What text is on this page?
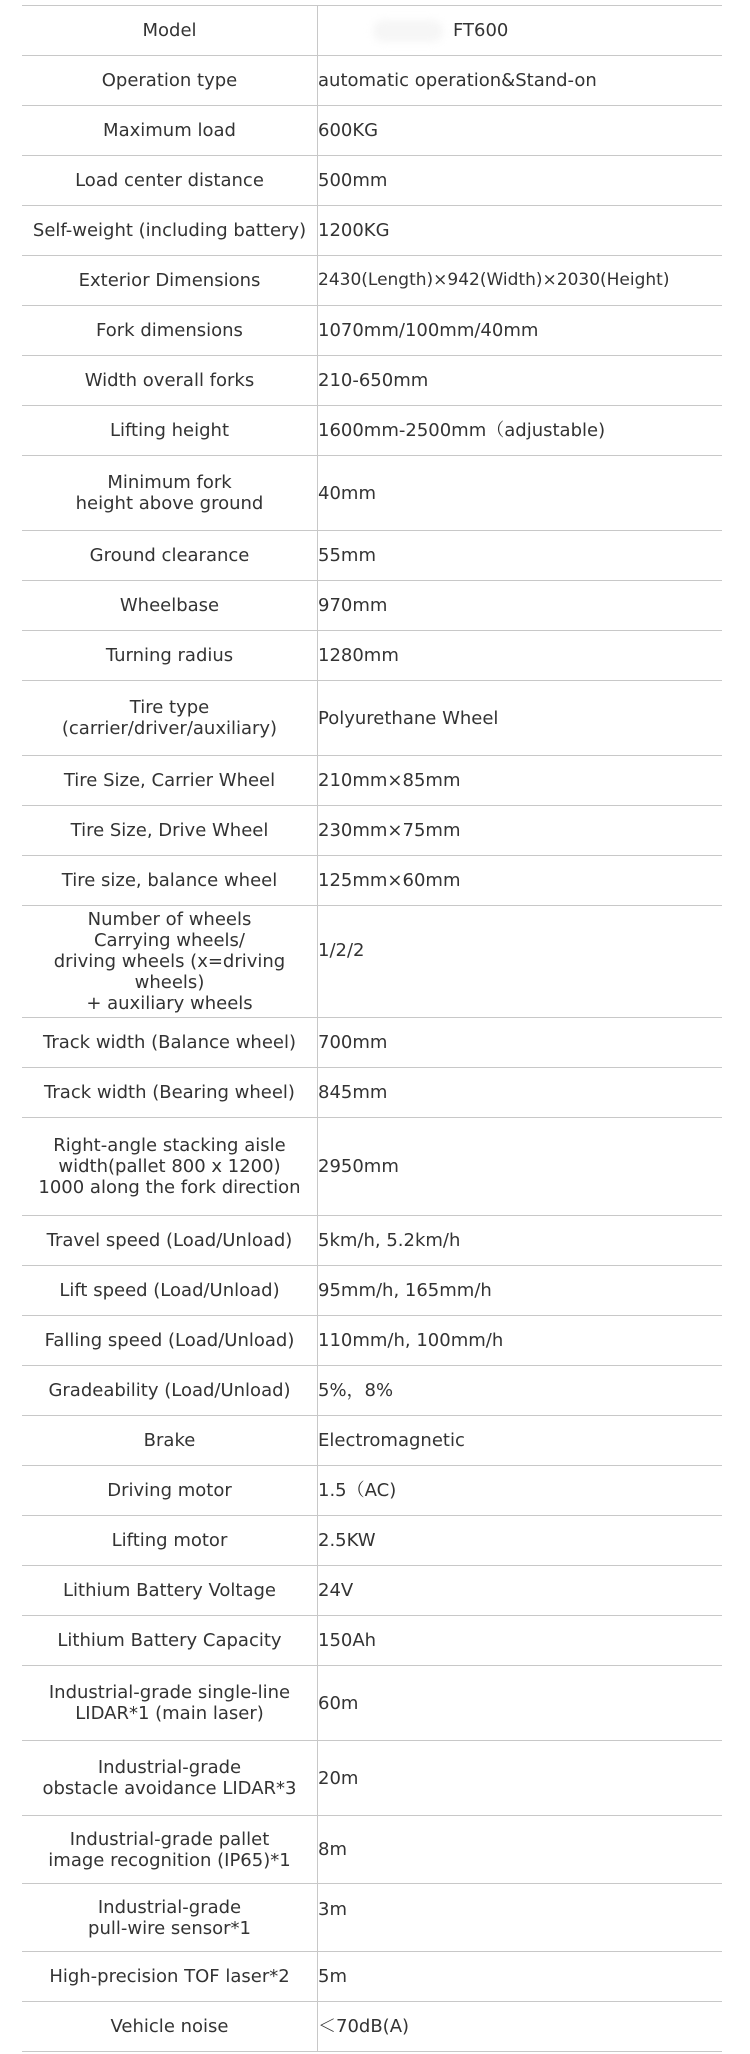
Model	FT600
Operation type	automatic operation&Stand-on
Maximum load	600KG
Load center distance	500mm
Self-weight (including battery)	1200KG
Exterior Dimensions	2430(Length)×942(Width)×2030(Height)
Fork dimensions	1070mm/100mm/40mm
Width overall forks	210-650mm
Lifting height	1600mm-2500mm（adjustable)
Minimum fork
height above ground	40mm
Ground clearance	55mm
Wheelbase	970mm
Turning radius	1280mm
Tire type
(carrier/driver/auxiliary)	Polyurethane Wheel
Tire Size, Carrier Wheel	210mm×85mm
Tire Size, Drive Wheel	230mm×75mm
Tire size, balance wheel	125mm×60mm
Number of wheels
Carrying wheels/
driving wheels (x=driving wheels)
+ auxiliary wheels	1/2/2
Track width (Balance wheel)	700mm
Track width (Bearing wheel)	845mm
Right-angle stacking aisle
width(pallet 800 x 1200)
1000 along the fork direction	2950mm
Travel speed (Load/Unload)	5km/h, 5.2km/h
Lift speed (Load/Unload)	95mm/h, 165mm/h
Falling speed (Load/Unload)	110mm/h, 100mm/h
Gradeability (Load/Unload)	5%，8%
Brake	Electromagnetic
Driving motor	1.5（AC)
Lifting motor	2.5KW
Lithium Battery Voltage	24V
Lithium Battery Capacity	150Ah
Industrial-grade single-line
LIDAR*1 (main laser)	60m
Industrial-grade
obstacle avoidance LIDAR*3	20m
Industrial-grade pallet
image recognition (IP65)*1	8m
Industrial-grade
pull-wire sensor*1	3m
High-precision TOF laser*2	5m
Vehicle noise	＜70dB(A)
